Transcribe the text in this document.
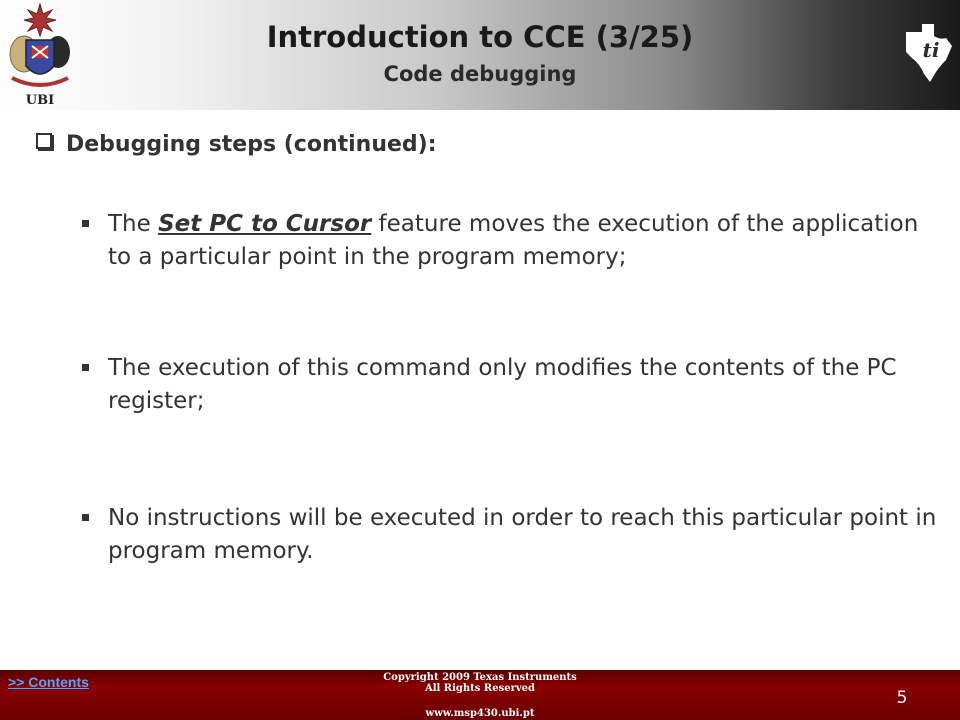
UBI
Introduction to CCE (3/25)
Code debugging
ti
Debugging steps (continued):
The Set PC to Cursor feature moves the execution of the application to a particular point in the program memory;
The execution of this command only modifies the contents of the PC register;
No instructions will be executed in order to reach this particular point in program memory.
>> Contents	Copyright 2009 Texas Instruments
All Rights Reserved
www.msp430.ubi.pt
5
